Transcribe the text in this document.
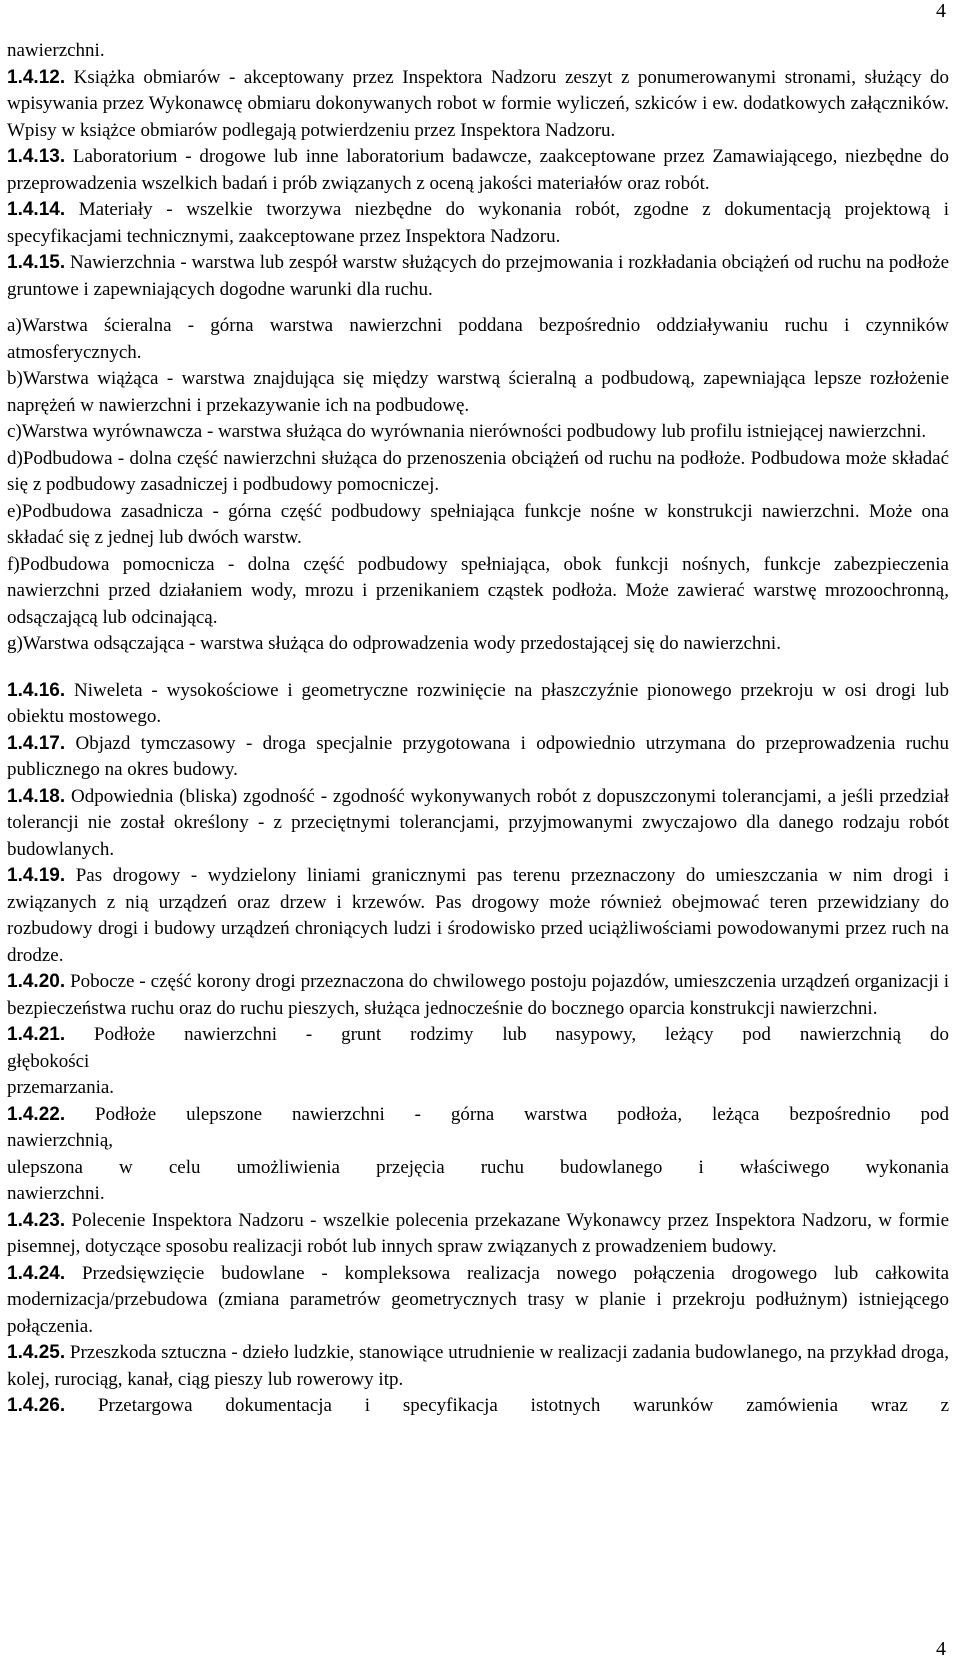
4

nawierzchni.

1.4.12. Książka obmiarów - akceptowany przez Inspektora Nadzoru zeszyt z ponumerowanymi stronami, służący do wpisywania przez Wykonawcę obmiaru dokonywanych robot w formie wyliczeń, szkiców i ew. dodatkowych załączników. Wpisy w książce obmiarów podlegają potwierdzeniu przez Inspektora Nadzoru.

1.4.13. Laboratorium - drogowe lub inne laboratorium badawcze, zaakceptowane przez Zamawiającego, niezbędne do przeprowadzenia wszelkich badań i prób związanych z oceną jakości materiałów oraz robót.

1.4.14. Materiały - wszelkie tworzywa niezbędne do wykonania robót, zgodne z dokumentacją projektową i specyfikacjami technicznymi, zaakceptowane przez Inspektora Nadzoru.

1.4.15. Nawierzchnia - warstwa lub zespół warstw służących do przejmowania i rozkładania obciążeń od ruchu na podłoże gruntowe i zapewniających dogodne warunki dla ruchu.

a)Warstwa ścieralna - górna warstwa nawierzchni poddana bezpośrednio oddziaływaniu ruchu i czynników atmosferycznych.

b)Warstwa wiążąca - warstwa znajdująca się między warstwą ścieralną a podbudową, zapewniająca lepsze rozłożenie naprężeń w nawierzchni i przekazywanie ich na podbudowę.

c)Warstwa wyrównawcza - warstwa służąca do wyrównania nierówności podbudowy lub profilu istniejącej nawierzchni.

d)Podbudowa - dolna część nawierzchni służąca do przenoszenia obciążeń od ruchu na podłoże. Podbudowa może składać się z podbudowy zasadniczej i podbudowy pomocniczej.

e)Podbudowa zasadnicza - górna część podbudowy spełniająca funkcje nośne w konstrukcji nawierzchni. Może ona składać się z jednej lub dwóch warstw.

f)Podbudowa pomocnicza - dolna część podbudowy spełniająca, obok funkcji nośnych, funkcje zabezpieczenia nawierzchni przed działaniem wody, mrozu i przenikaniem cząstek podłoża. Może zawierać warstwę mrozoochronną, odsączającą lub odcinającą.

g)Warstwa odsączająca - warstwa służąca do odprowadzenia wody przedostającej się do nawierzchni.

1.4.16. Niweleta - wysokościowe i geometryczne rozwinięcie na płaszczyźnie pionowego przekroju w osi drogi lub obiektu mostowego.

1.4.17. Objazd tymczasowy - droga specjalnie przygotowana i odpowiednio utrzymana do przeprowadzenia ruchu publicznego na okres budowy.

1.4.18. Odpowiednia (bliska) zgodność - zgodność wykonywanych robót z dopuszczonymi tolerancjami, a jeśli przedział tolerancji nie został określony - z przeciętnymi tolerancjami, przyjmowanymi zwyczajowo dla danego rodzaju robót budowlanych.

1.4.19. Pas drogowy - wydzielony liniami granicznymi pas terenu przeznaczony do umieszczania w nim drogi i związanych z nią urządzeń oraz drzew i krzewów. Pas drogowy może również obejmować teren przewidziany do rozbudowy drogi i budowy urządzeń chroniących ludzi i środowisko przed uciążliwościami powodowanymi przez ruch na drodze.

1.4.20. Pobocze - część korony drogi przeznaczona do chwilowego postoju pojazdów, umieszczenia urządzeń organizacji i bezpieczeństwa ruchu oraz do ruchu pieszych, służąca jednocześnie do bocznego oparcia konstrukcji nawierzchni.

1.4.21. Podłoże nawierzchni - grunt rodzimy lub nasypowy, leżący pod nawierzchnią do
głębokości
przemarzania.

1.4.22. Podłoże ulepszone nawierzchni - górna warstwa podłoża, leżąca bezpośrednio pod
nawierzchnią,
ulepszona w celu umożliwienia przejęcia ruchu budowlanego i właściwego wykonania
nawierzchni.

1.4.23. Polecenie Inspektora Nadzoru - wszelkie polecenia przekazane Wykonawcy przez Inspektora Nadzoru, w formie pisemnej, dotyczące sposobu realizacji robót lub innych spraw związanych z prowadzeniem budowy.

1.4.24. Przedsięwzięcie budowlane - kompleksowa realizacja nowego połączenia drogowego lub całkowita modernizacja/przebudowa (zmiana parametrów geometrycznych trasy w planie i przekroju podłużnym) istniejącego połączenia.

1.4.25. Przeszkoda sztuczna - dzieło ludzkie, stanowiące utrudnienie w realizacji zadania budowlanego, na przykład droga, kolej, rurociąg, kanał, ciąg pieszy lub rowerowy itp.

1.4.26. Przetargowa dokumentacja i specyfikacja istotnych warunków zamówienia wraz z

4
